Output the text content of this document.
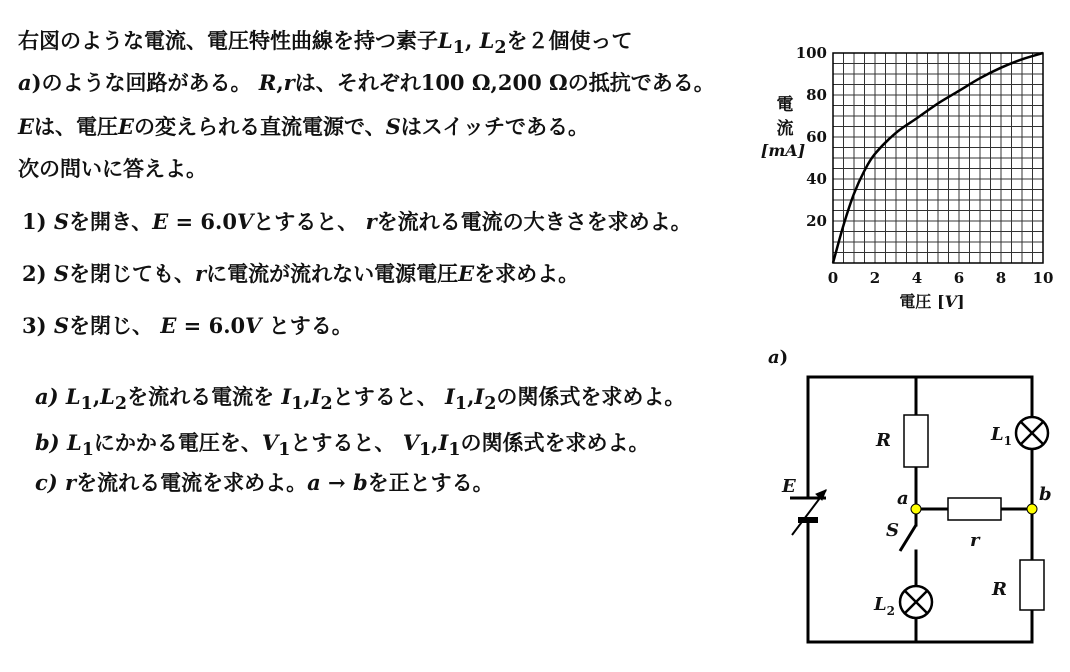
右図のような電流、電圧特性曲線を持つ素子$L_1$, $L_2$を２個使って
a)のような回路がある。 R,rは、それぞれ100 Ω,200 Ωの抵抗である。
Eは、電圧Eの変えられる直流電源で、Sはスイッチである。
次の問いに答えよ。
1) Sを開き、E = 6.0Vとすると、 rを流れる電流の大きさを求めよ。
2) Sを閉じても、rに電流が流れない電源電圧Eを求めよ。
3) Sを閉じ、 E = 6.0V とする。
a) $L_1,L_2$を流れる電流を $I_1,I_2$とすると、 $I_1,I_2$の関係式を求めよ。
b) $L_1$にかかる電圧を、$V_1$とすると、 $V_1,I_1$の関係式を求めよ。
c) rを流れる電流を求めよ。a → bを正とする。
0 2 4 6 8 10
20
40
60
80
100
電圧 [V]
電
流
[mA]
a)
E
R
R
$L_1$
$L_2$
a	b
S	r
